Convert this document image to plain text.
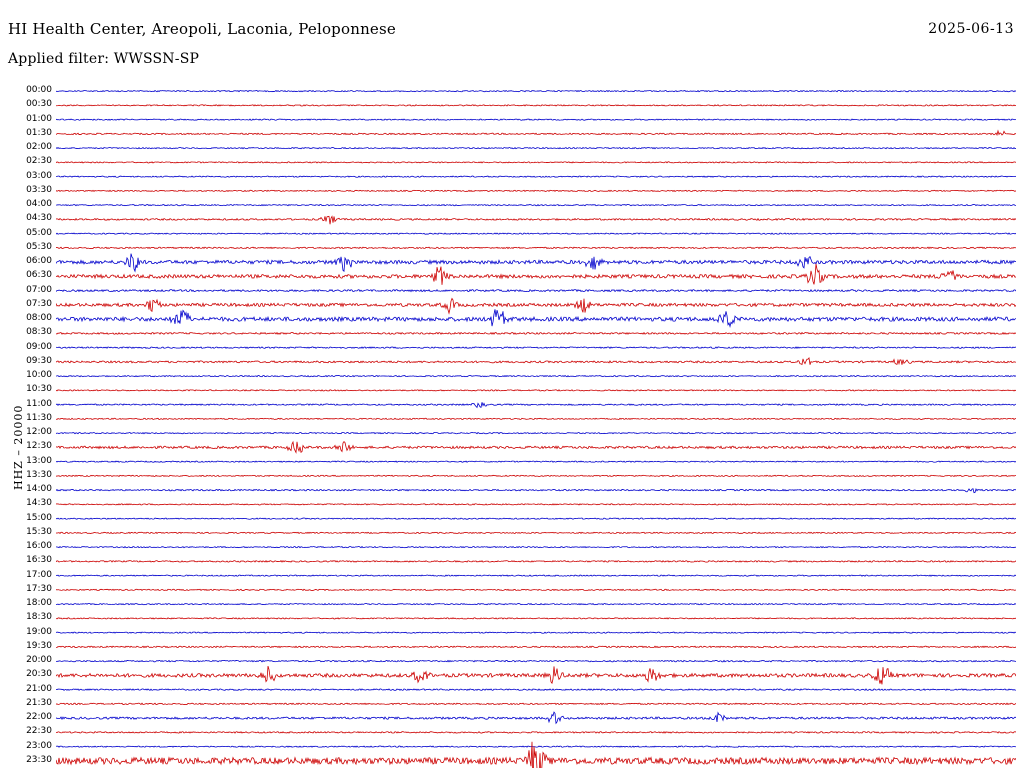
HI Health Center, Areopoli, Laconia, Peloponnese	2025-06-13
Applied filter: WWSSN-SP
HHZ – 20000
00:00
00:30
01:00
01:30
02:00
02:30
03:00
03:30
04:00
04:30
05:00
05:30
06:00
06:30
07:00
07:30
08:00
08:30
09:00
09:30
10:00
10:30
11:00
11:30
12:00
12:30
13:00
13:30
14:00
14:30
15:00
15:30
16:00
16:30
17:00
17:30
18:00
18:30
19:00
19:30
20:00
20:30
21:00
21:30
22:00
22:30
23:00
23:30
